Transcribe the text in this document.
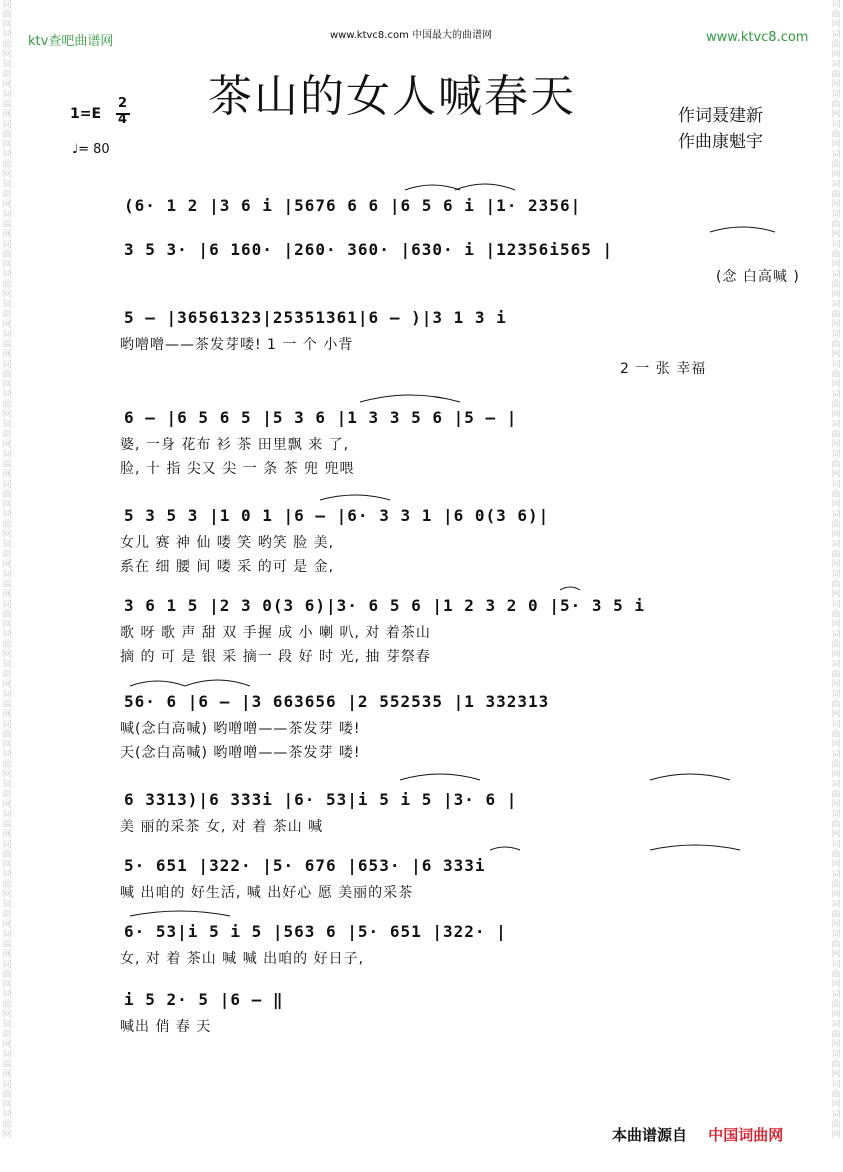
词曲网词曲网词曲网词曲网词曲网词曲网词曲网词曲网词曲网词曲网词曲网词曲网词曲网词曲网词曲网词曲网词曲网词曲网词曲网词曲网词曲网词曲网词曲网词曲网词曲网词曲网词曲网词曲网词曲网词曲网词曲网词曲网词曲网词曲网词曲网词曲网词曲网词曲网
词曲网词曲网词曲网词曲网词曲网词曲网词曲网词曲网词曲网词曲网词曲网词曲网词曲网词曲网词曲网词曲网词曲网词曲网词曲网词曲网词曲网词曲网词曲网词曲网词曲网词曲网词曲网词曲网词曲网词曲网词曲网词曲网词曲网词曲网词曲网词曲网词曲网词曲网
ktv查吧曲谱网	www.ktvc8.com 中国最大的曲谱网	www.ktvc8.com
茶山的女人喊春天	作词聂建新
作曲康魁宇
1=E
2
4
♩= 80
(6· 1 2 |3 6 i |5676 6 6 |6 5 6 i |1· 2356|
3 5 3· |6 160· |260· 360· |630· i |12356i565 |
(念 白高喊 )
5 – |36561323|25351361|6 – )|3 1 3 i
哟噌噌——茶发芽喽! 1 一 个 小背
2 一 张 幸福
6 – |6 5 6 5 |5 3 6 |1 3 3 5 6 |5 – |
婆, 一身 花布 衫 茶 田里飘 来 了,
脸, 十 指 尖又 尖 一 条 茶 兜 兜喂
5 3 5 3 |1 0 1 |6 – |6· 3 3 1 |6 0(3 6)|
女儿 赛 神 仙 喽 笑 哟笑 脸 美,
系在 细 腰 间 喽 采 的可 是 金,
3 6 1 5 |2 3 0(3 6)|3· 6 5 6 |1 2 3 2 0 |5· 3 5 i
歌 呀 歌 声 甜 双 手握 成 小 喇 叭, 对 着茶山
摘 的 可 是 银 采 摘一 段 好 时 光, 抽 芽祭春
56· 6 |6 – |3 663656 |2 552535 |1 332313
喊(念白高喊) 哟噌噌——茶发芽 喽!
天(念白高喊) 哟噌噌——茶发芽 喽!
6 3313)|6 333i |6· 53|i 5 i 5 |3· 6 |
美 丽的采茶 女, 对 着 茶山 喊
5· 651 |322· |5· 676 |653· |6 333i
喊 出咱的 好生活, 喊 出好心 愿 美丽的采茶
6· 53|i 5 i 5 |563 6 |5· 651 |322· |
女, 对 着 茶山 喊 喊 出咱的 好日子,
i 5 2· 5 |6 – ‖
喊出 俏 春 天
本曲谱源自 中国词曲网
